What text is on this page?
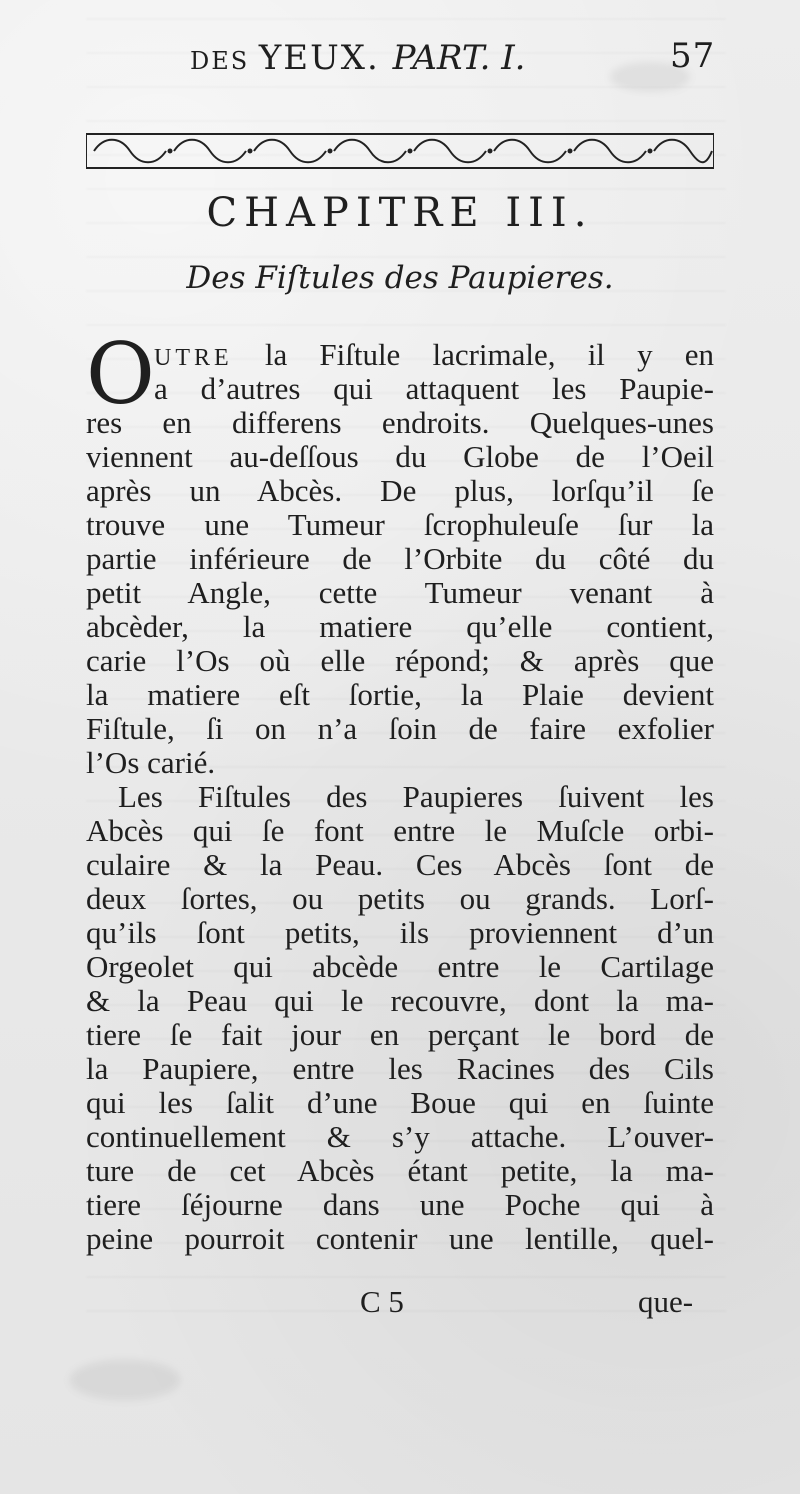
DES YEUX. PART. I.	57
CHAPITRE III.
Des Fiſtules des Paupieres.
O UTRE la Fiſtule lacrimale, il y en
a d’autres qui attaquent les Paupie-
res en differens endroits. Quelques-unes
viennent au-deſſous du Globe de l’Oeil
après un Abcès. De plus, lorſqu’il ſe
trouve une Tumeur ſcrophuleuſe ſur la
partie inférieure de l’Orbite du côté du
petit Angle, cette Tumeur venant à
abcèder, la matiere qu’elle contient,
carie l’Os où elle répond; & après que
la matiere eſt ſortie, la Plaie devient
Fiſtule, ſi on n’a ſoin de faire exfolier
l’Os carié.
Les Fiſtules des Paupieres ſuivent les
Abcès qui ſe font entre le Muſcle orbi-
culaire & la Peau. Ces Abcès ſont de
deux ſortes, ou petits ou grands. Lorſ-
qu’ils ſont petits, ils proviennent d’un
Orgeolet qui abcède entre le Cartilage
& la Peau qui le recouvre, dont la ma-
tiere ſe fait jour en perçant le bord de
la Paupiere, entre les Racines des Cils
qui les ſalit d’une Boue qui en ſuinte
continuellement & s’y attache. L’ouver-
ture de cet Abcès étant petite, la ma-
tiere ſéjourne dans une Poche qui à
peine pourroit contenir une lentille, quel-
C 5	que-
